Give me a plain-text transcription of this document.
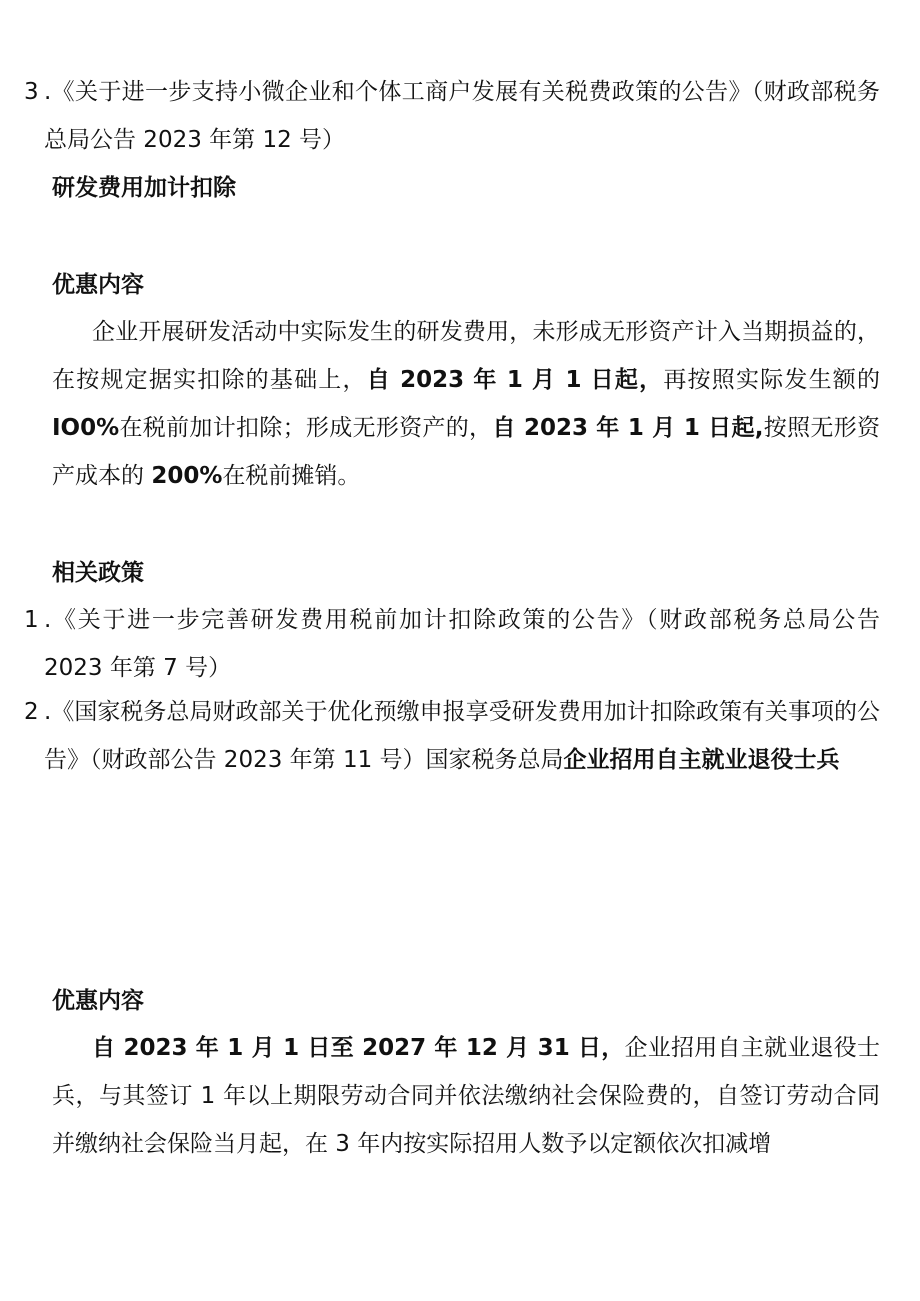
3 .《关于进一步支持小微企业和个体工商户发展有关税费政策的公告》（财政部税务总局公告 2023 年第 12 号）
研发费用加计扣除
优惠内容
企业开展研发活动中实际发生的研发费用，未形成无形资产计入当期损益的，在按规定据实扣除的基础上，自 2023 年 1 月 1 日起，再按照实际发生额的 IO0%在税前加计扣除；形成无形资产的，自 2023 年 1 月 1 日起,按照无形资产成本的 200%在税前摊销。
相关政策
1 .《关于进一步完善研发费用税前加计扣除政策的公告》（财政部税务总局公告 2023 年第 7 号）
2 .《国家税务总局财政部关于优化预缴申报享受研发费用加计扣除政策有关事项的公告》（财政部公告 2023 年第 11 号）国家税务总局企业招用自主就业退役士兵
优惠内容
自 2023 年 1 月 1 日至 2027 年 12 月 31 日，企业招用自主就业退役士兵，与其签订 1 年以上期限劳动合同并依法缴纳社会保险费的，自签订劳动合同并缴纳社会保险当月起，在 3 年内按实际招用人数予以定额依次扣减增
